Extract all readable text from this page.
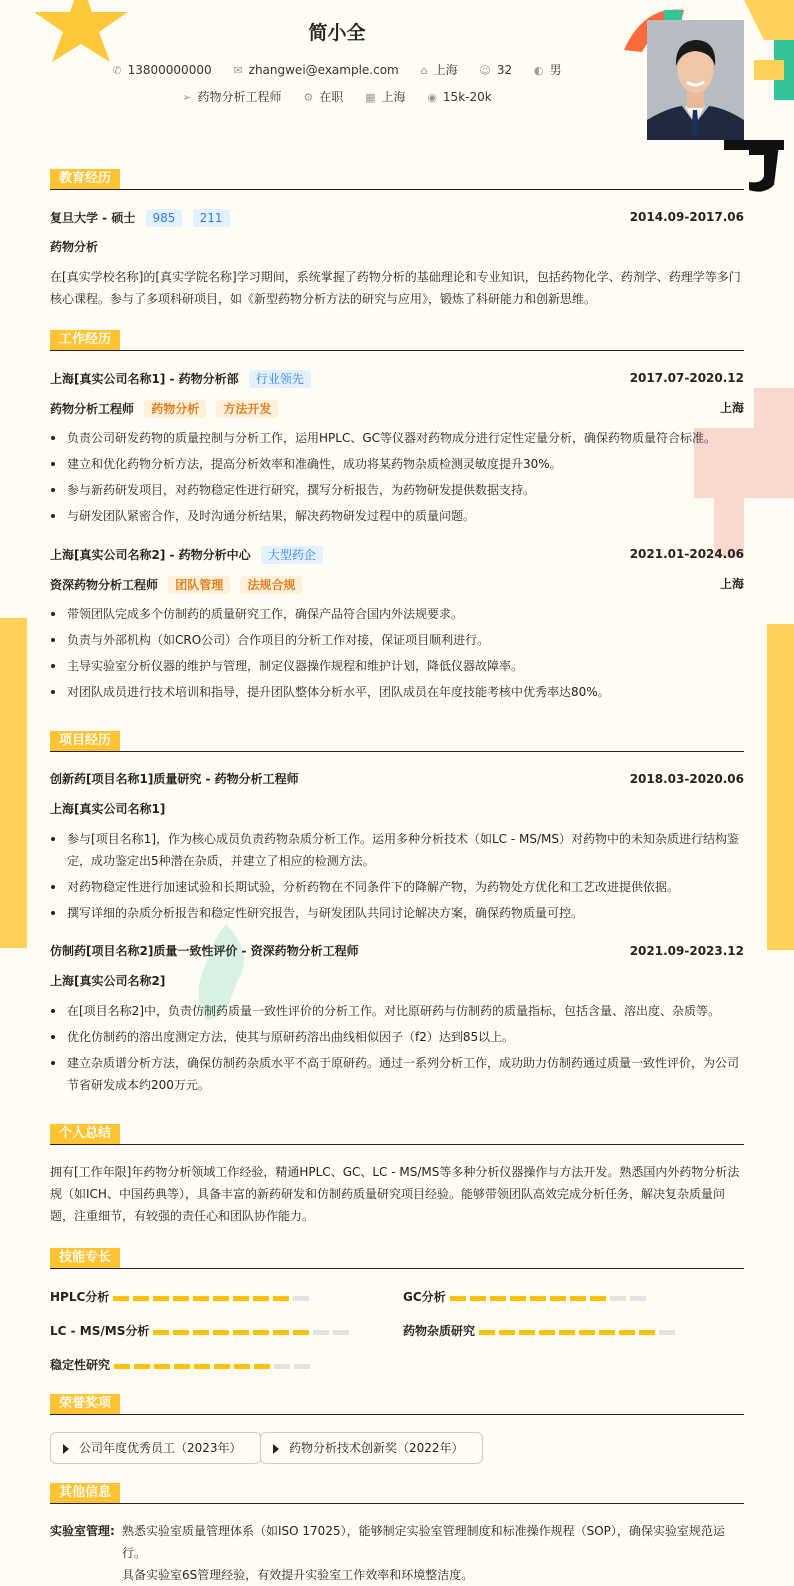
简小全
✆ 13800000000 ✉ zhangwei@example.com ⌂ 上海 ☺ 32 ◐ 男
➢ 药物分析工程师 ⚙ 在职 ▦ 上海 ◉ 15k-20k
教育经历
复旦大学 - 硕士 985 211	2014.09-2017.06
药物分析
在[真实学校名称]的[真实学院名称]学习期间，系统掌握了药物分析的基础理论和专业知识，包括药物化学、药剂学、药理学等多门核心课程。参与了多项科研项目，如《新型药物分析方法的研究与应用》，锻炼了科研能力和创新思维。
工作经历
上海[真实公司名称1] - 药物分析部 行业领先	2017.07-2020.12
药物分析工程师 药物分析 方法开发	上海
负责公司研发药物的质量控制与分析工作，运用HPLC、GC等仪器对药物成分进行定性定量分析，确保药物质量符合标准。
建立和优化药物分析方法，提高分析效率和准确性，成功将某药物杂质检测灵敏度提升30%。
参与新药研发项目，对药物稳定性进行研究，撰写分析报告，为药物研发提供数据支持。
与研发团队紧密合作，及时沟通分析结果，解决药物研发过程中的质量问题。
上海[真实公司名称2] - 药物分析中心 大型药企	2021.01-2024.06
资深药物分析工程师 团队管理 法规合规	上海
带领团队完成多个仿制药的质量研究工作，确保产品符合国内外法规要求。
负责与外部机构（如CRO公司）合作项目的分析工作对接，保证项目顺利进行。
主导实验室分析仪器的维护与管理，制定仪器操作规程和维护计划，降低仪器故障率。
对团队成员进行技术培训和指导，提升团队整体分析水平，团队成员在年度技能考核中优秀率达80%。
项目经历
创新药[项目名称1]质量研究 - 药物分析工程师	2018.03-2020.06
上海[真实公司名称1]
参与[项目名称1]，作为核心成员负责药物杂质分析工作。运用多种分析技术（如LC - MS/MS）对药物中的未知杂质进行结构鉴定，成功鉴定出5种潜在杂质，并建立了相应的检测方法。
对药物稳定性进行加速试验和长期试验，分析药物在不同条件下的降解产物，为药物处方优化和工艺改进提供依据。
撰写详细的杂质分析报告和稳定性研究报告，与研发团队共同讨论解决方案，确保药物质量可控。
仿制药[项目名称2]质量一致性评价 - 资深药物分析工程师	2021.09-2023.12
上海[真实公司名称2]
在[项目名称2]中，负责仿制药质量一致性评价的分析工作。对比原研药与仿制药的质量指标，包括含量、溶出度、杂质等。
优化仿制药的溶出度测定方法，使其与原研药溶出曲线相似因子（f2）达到85以上。
建立杂质谱分析方法，确保仿制药杂质水平不高于原研药。通过一系列分析工作，成功助力仿制药通过质量一致性评价，为公司节省研发成本约200万元。
个人总结
拥有[工作年限]年药物分析领域工作经验，精通HPLC、GC、LC - MS/MS等多种分析仪器操作与方法开发。熟悉国内外药物分析法规（如ICH、中国药典等），具备丰富的新药研发和仿制药质量研究项目经验。能够带领团队高效完成分析任务，解决复杂质量问题，注重细节，有较强的责任心和团队协作能力。
技能专长
HPLC分析	GC分析
LC - MS/MS分析	药物杂质研究
稳定性研究
荣誉奖项
公司年度优秀员工（2023年）	药物分析技术创新奖（2022年）
其他信息
实验室管理: 熟悉实验室质量管理体系（如ISO 17025），能够制定实验室管理制度和标准操作规程（SOP），确保实验室规范运行。
具备实验室6S管理经验，有效提升实验室工作效率和环境整洁度。
